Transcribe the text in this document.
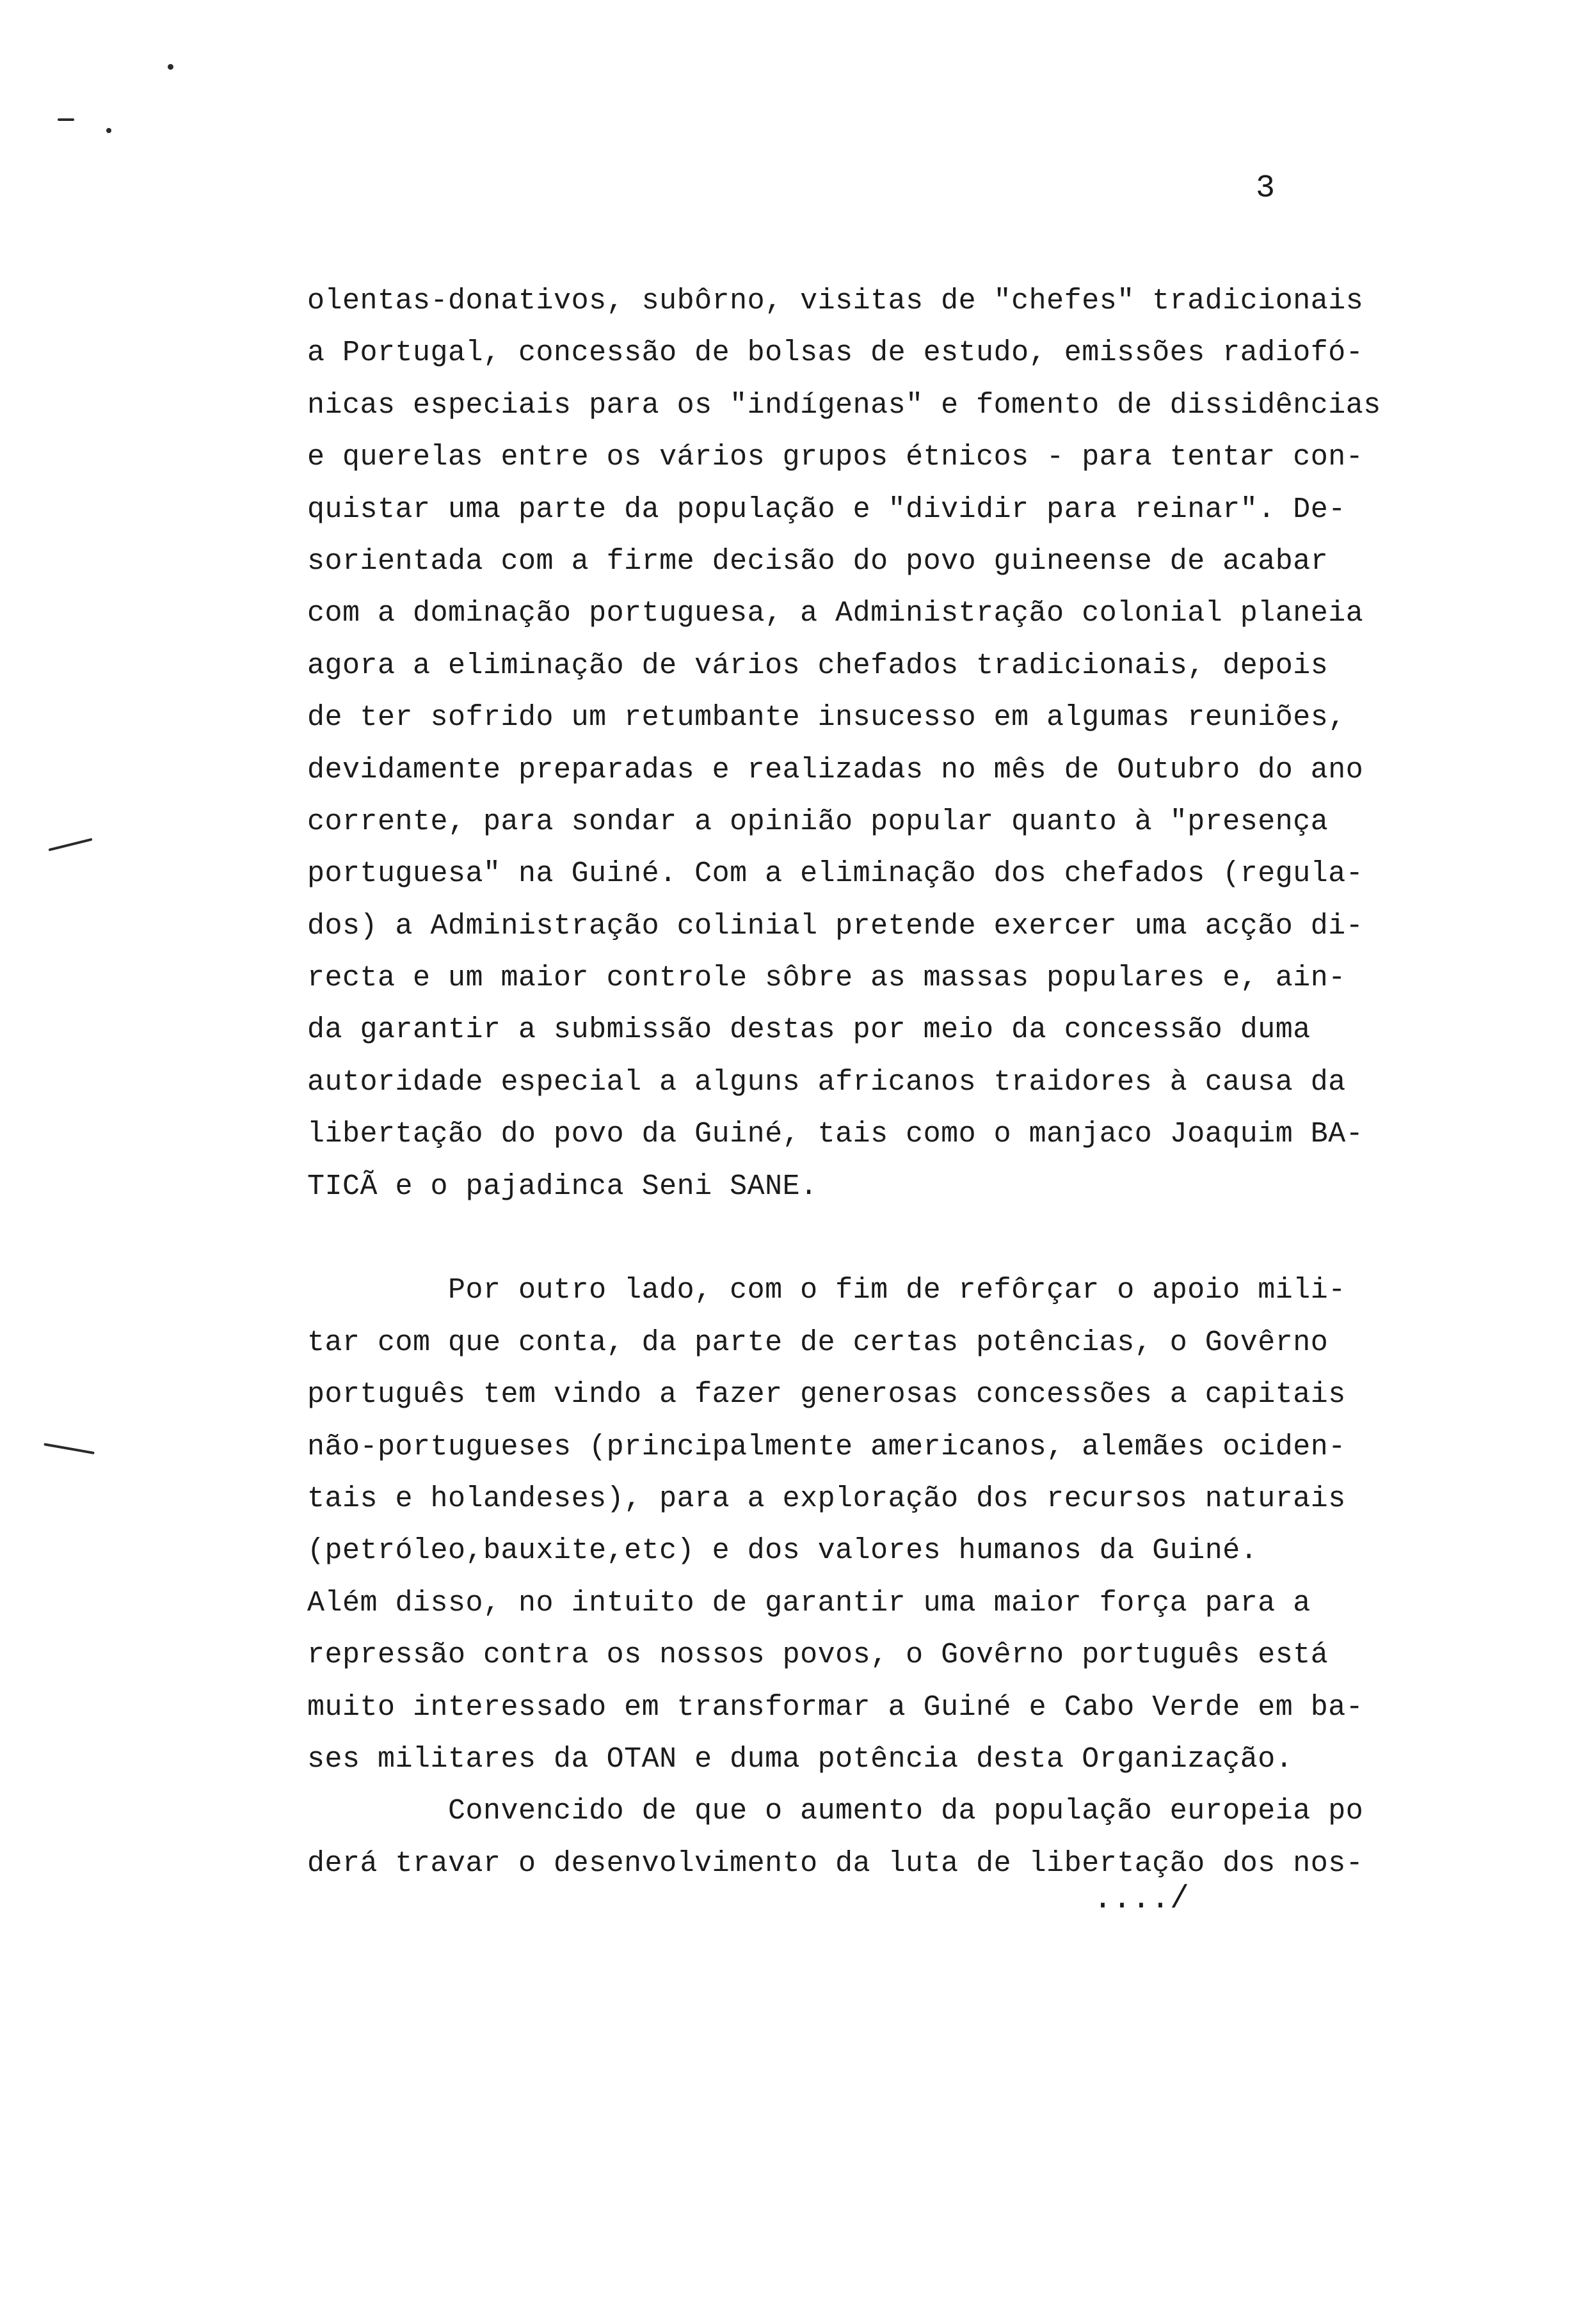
3
olentas-donativos, subôrno, visitas de "chefes" tradicionais
a Portugal, concessão de bolsas de estudo, emissões radiofó-
nicas especiais para os "indígenas" e fomento de dissidências
e querelas entre os vários grupos étnicos - para tentar con-
quistar uma parte da população e "dividir para reinar". De-
sorientada com a firme decisão do povo guineense de acabar
com a dominação portuguesa, a Administração colonial planeia
agora a eliminação de vários chefados tradicionais, depois
de ter sofrido um retumbante insucesso em algumas reuniões,
devidamente preparadas e realizadas no mês de Outubro do ano
corrente, para sondar a opinião popular quanto à "presença
portuguesa" na Guiné. Com a eliminação dos chefados (regula-
dos) a Administração colinial pretende exercer uma acção di-
recta e um maior controle sôbre as massas populares e, ain-
da garantir a submissão destas por meio da concessão duma
autoridade especial a alguns africanos traidores à causa da
libertação do povo da Guiné, tais como o manjaco Joaquim BA-
TICÃ e o pajadinca Seni SANE.
Por outro lado, com o fim de refôrçar o apoio mili-
tar com que conta, da parte de certas potências, o Govêrno
português tem vindo a fazer generosas concessões a capitais
não-portugueses (principalmente americanos, alemães ociden-
tais e holandeses), para a exploração dos recursos naturais
(petróleo,bauxite,etc) e dos valores humanos da Guiné.
Além disso, no intuito de garantir uma maior força para a
repressão contra os nossos povos, o Govêrno português está
muito interessado em transformar a Guiné e Cabo Verde em ba-
ses militares da OTAN e duma potência desta Organização.
Convencido de que o aumento da população europeia po
derá travar o desenvolvimento da luta de libertação dos nos-
..../
